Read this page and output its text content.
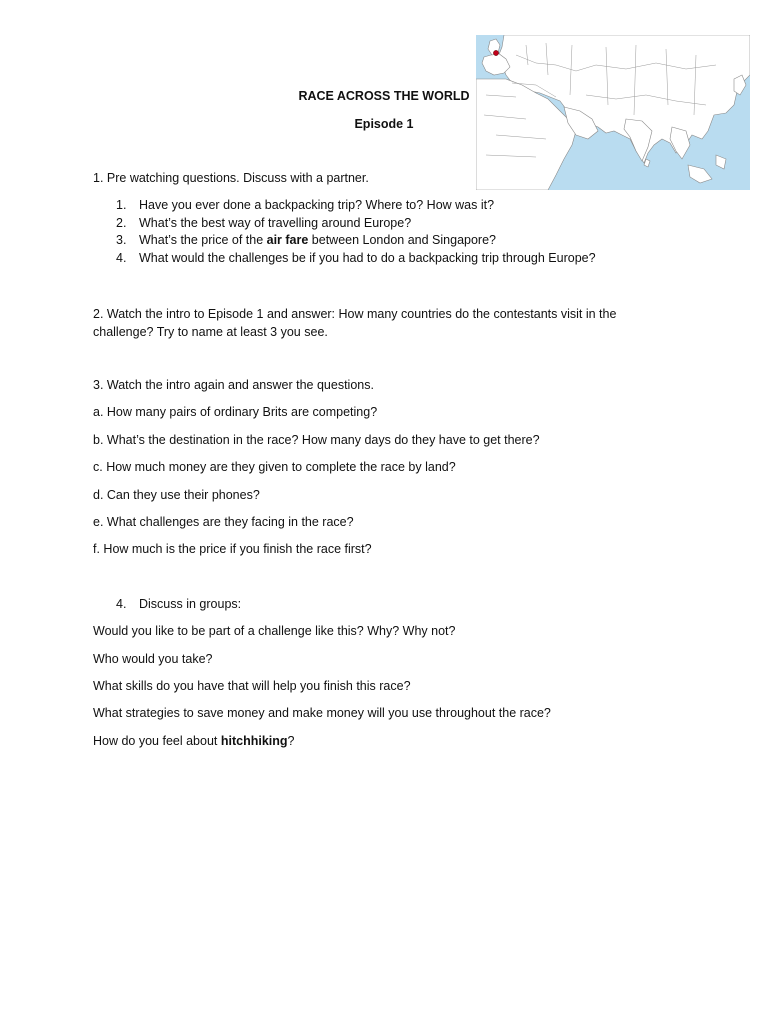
RACE ACROSS THE WORLD
Episode 1
1. Pre watching questions. Discuss with a partner.
1. Have you ever done a backpacking trip? Where to? How was it?
2. What’s the best way of travelling around Europe?
3. What’s the price of the air fare between London and Singapore?
4. What would the challenges be if you had to do a backpacking trip through Europe?
2. Watch the intro to Episode 1 and answer: How many countries do the contestants visit in the challenge? Try to name at least 3 you see.
3. Watch the intro again and answer the questions.
a. How many pairs of ordinary Brits are competing?
b. What’s the destination in the race? How many days do they have to get there?
c. How much money are they given to complete the race by land?
d. Can they use their phones?
e. What challenges are they facing in the race?
f. How much is the price if you finish the race first?
4. Discuss in groups:
Would you like to be part of a challenge like this? Why? Why not?
Who would you take?
What skills do you have that will help you finish this race?
What strategies to save money and make money will you use throughout the race?
How do you feel about hitchhiking?
